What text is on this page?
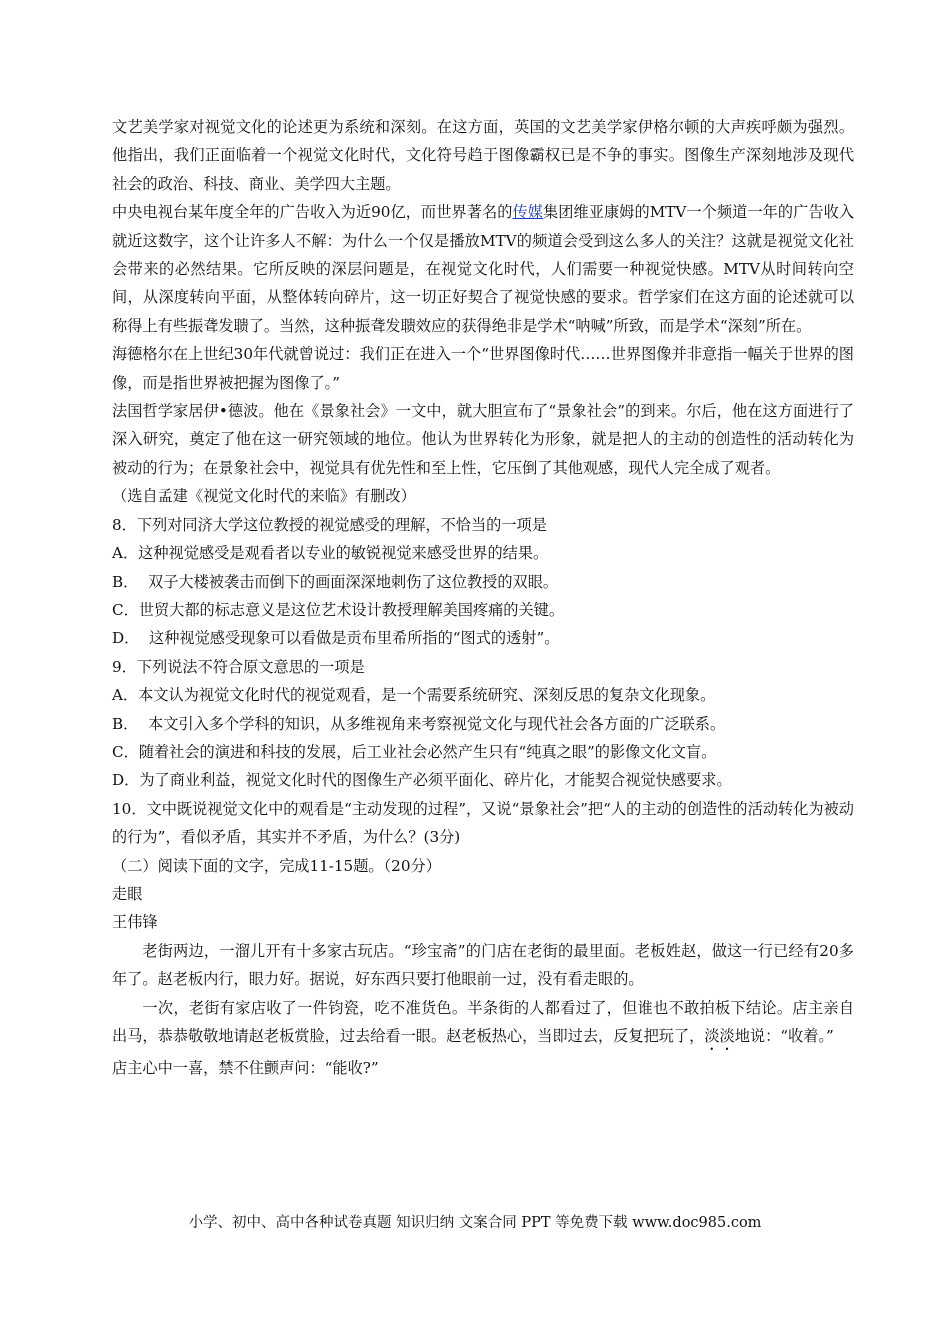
文艺美学家对视觉文化的论述更为系统和深刻。在这方面，英国的文艺美学家伊格尔顿的大声疾呼颇为强烈。他指出，我们正面临着一个视觉文化时代，文化符号趋于图像霸权已是不争的事实。图像生产深刻地涉及现代社会的政治、科技、商业、美学四大主题。

中央电视台某年度全年的广告收入为近90亿，而世界著名的传媒集团维亚康姆的MTV一个频道一年的广告收入就近这数字，这个让许多人不解：为什么一个仅是播放MTV的频道会受到这么多人的关注？这就是视觉文化社会带来的必然结果。它所反映的深层问题是，在视觉文化时代，人们需要一种视觉快感。MTV从时间转向空间，从深度转向平面，从整体转向碎片，这一切正好契合了视觉快感的要求。哲学家们在这方面的论述就可以称得上有些振聋发聩了。当然，这种振聋发聩效应的获得绝非是学术“呐喊”所致，而是学术“深刻”所在。

海德格尔在上世纪30年代就曾说过：我们正在进入一个“世界图像时代……世界图像并非意指一幅关于世界的图像，而是指世界被把握为图像了。”

法国哲学家居伊•德波。他在《景象社会》一文中，就大胆宣布了“景象社会”的到来。尔后，他在这方面进行了深入研究，奠定了他在这一研究领域的地位。他认为世界转化为形象，就是把人的主动的创造性的活动转化为被动的行为；在景象社会中，视觉具有优先性和至上性，它压倒了其他观感，现代人完全成了观者。

（选自孟建《视觉文化时代的来临》有删改）

8．下列对同济大学这位教授的视觉感受的理解，不恰当的一项是

A．这种视觉感受是观看者以专业的敏锐视觉来感受世界的结果。

B．  双子大楼被袭击而倒下的画面深深地刺伤了这位教授的双眼。

C．世贸大都的标志意义是这位艺术设计教授理解美国疼痛的关键。

D．  这种视觉感受现象可以看做是贡布里希所指的“图式的透射”。

9．下列说法不符合原文意思的一项是

A．本文认为视觉文化时代的视觉观看，是一个需要系统研究、深刻反思的复杂文化现象。

B．  本文引入多个学科的知识，从多维视角来考察视觉文化与现代社会各方面的广泛联系。

C．随着社会的演进和科技的发展，后工业社会必然产生只有“纯真之眼”的影像文化文盲。

D．为了商业利益，视觉文化时代的图像生产必须平面化、碎片化，才能契合视觉快感要求。

10．文中既说视觉文化中的观看是“主动发现的过程”，又说“景象社会”把“人的主动的创造性的活动转化为被动的行为”，看似矛盾，其实并不矛盾，为什么？(3分)

（二）阅读下面的文字，完成11-15题。（20分）

走眼

王伟锋

老街两边，一溜儿开有十多家古玩店。“珍宝斋”的门店在老街的最里面。老板姓赵，做这一行已经有20多年了。赵老板内行，眼力好。据说，好东西只要打他眼前一过，没有看走眼的。

一次，老街有家店收了一件钧瓷，吃不准货色。半条街的人都看过了，但谁也不敢拍板下结论。店主亲自出马，恭恭敬敬地请赵老板赏脸，过去给看一眼。赵老板热心，当即过去，反复把玩了，淡淡地说：“收着。”

店主心中一喜，禁不住颤声问：“能收?”

小学、初中、高中各种试卷真题 知识归纳 文案合同 PPT 等免费下载 www.doc985.com
